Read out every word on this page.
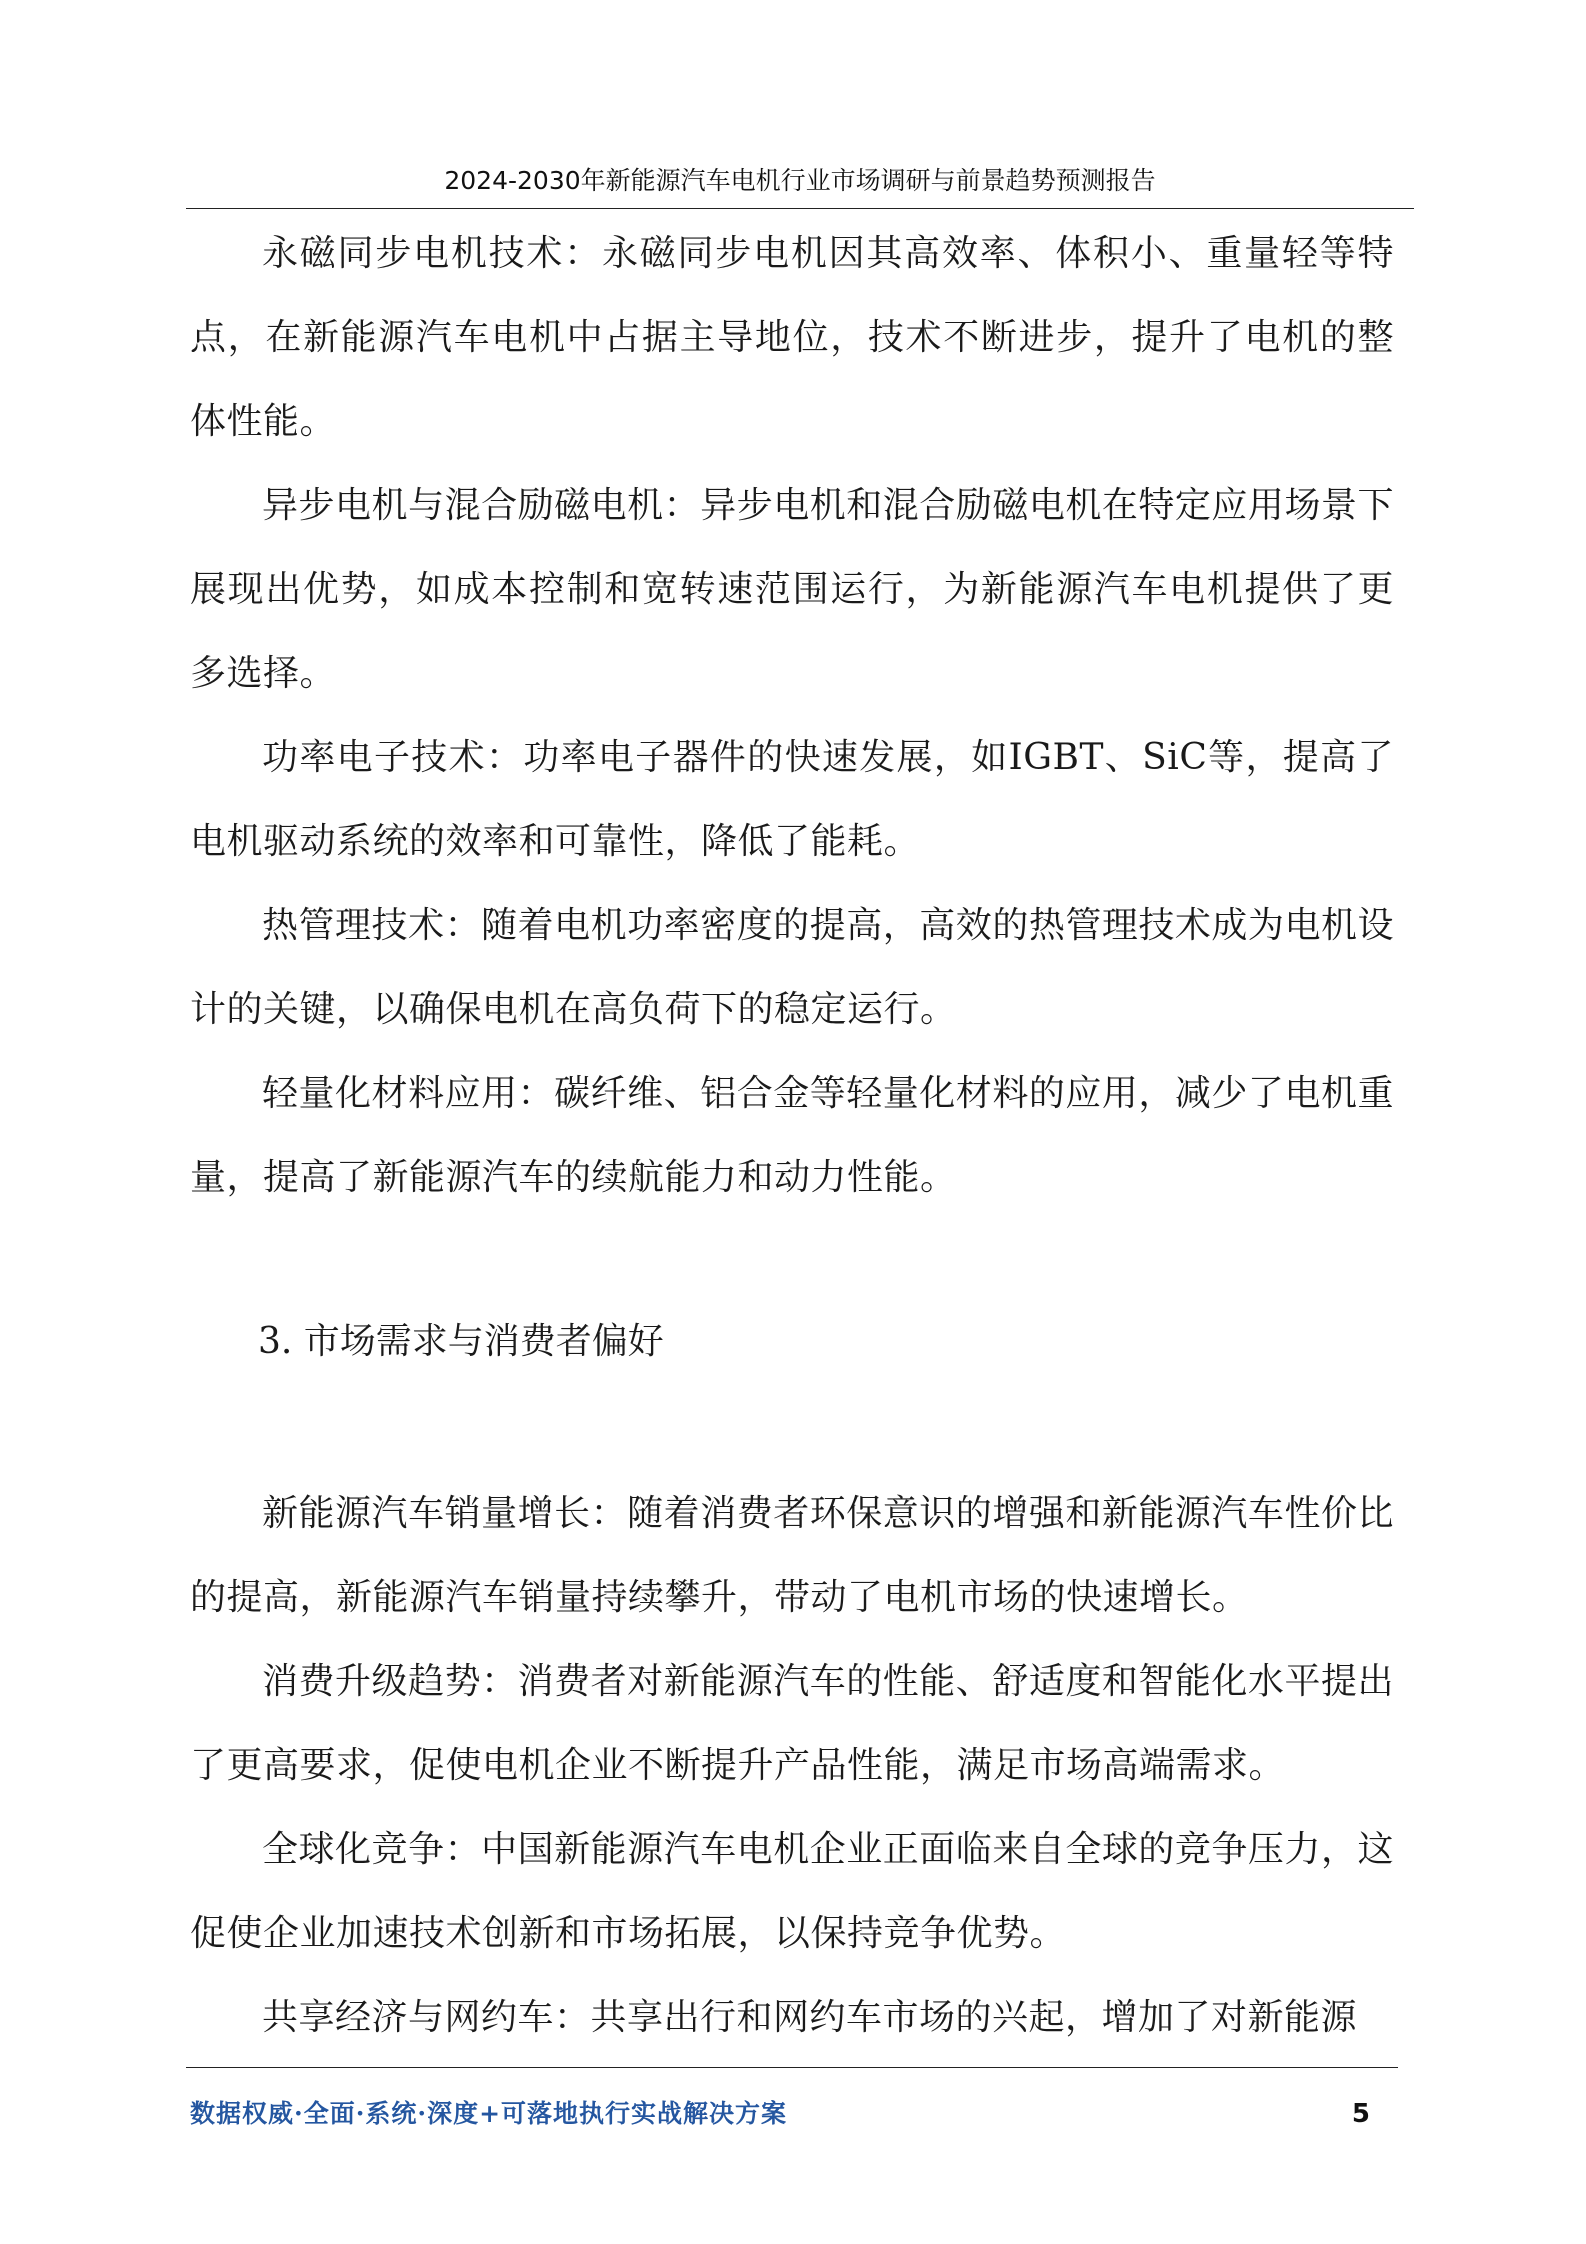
2024-2030年新能源汽车电机行业市场调研与前景趋势预测报告

永磁同步电机技术：永磁同步电机因其高效率、体积小、重量轻等特点，在新能源汽车电机中占据主导地位，技术不断进步，提升了电机的整体性能。

异步电机与混合励磁电机：异步电机和混合励磁电机在特定应用场景下展现出优势，如成本控制和宽转速范围运行，为新能源汽车电机提供了更多选择。

功率电子技术：功率电子器件的快速发展，如IGBT、SiC等，提高了电机驱动系统的效率和可靠性，降低了能耗。

热管理技术：随着电机功率密度的提高，高效的热管理技术成为电机设计的关键，以确保电机在高负荷下的稳定运行。

轻量化材料应用：碳纤维、铝合金等轻量化材料的应用，减少了电机重量，提高了新能源汽车的续航能力和动力性能。

3. 市场需求与消费者偏好

新能源汽车销量增长：随着消费者环保意识的增强和新能源汽车性价比的提高，新能源汽车销量持续攀升，带动了电机市场的快速增长。

消费升级趋势：消费者对新能源汽车的性能、舒适度和智能化水平提出了更高要求，促使电机企业不断提升产品性能，满足市场高端需求。

全球化竞争：中国新能源汽车电机企业正面临来自全球的竞争压力，这促使企业加速技术创新和市场拓展，以保持竞争优势。

共享经济与网约车：共享出行和网约车市场的兴起，增加了对新能源

数据权威·全面·系统·深度+可落地执行实战解决方案	5
